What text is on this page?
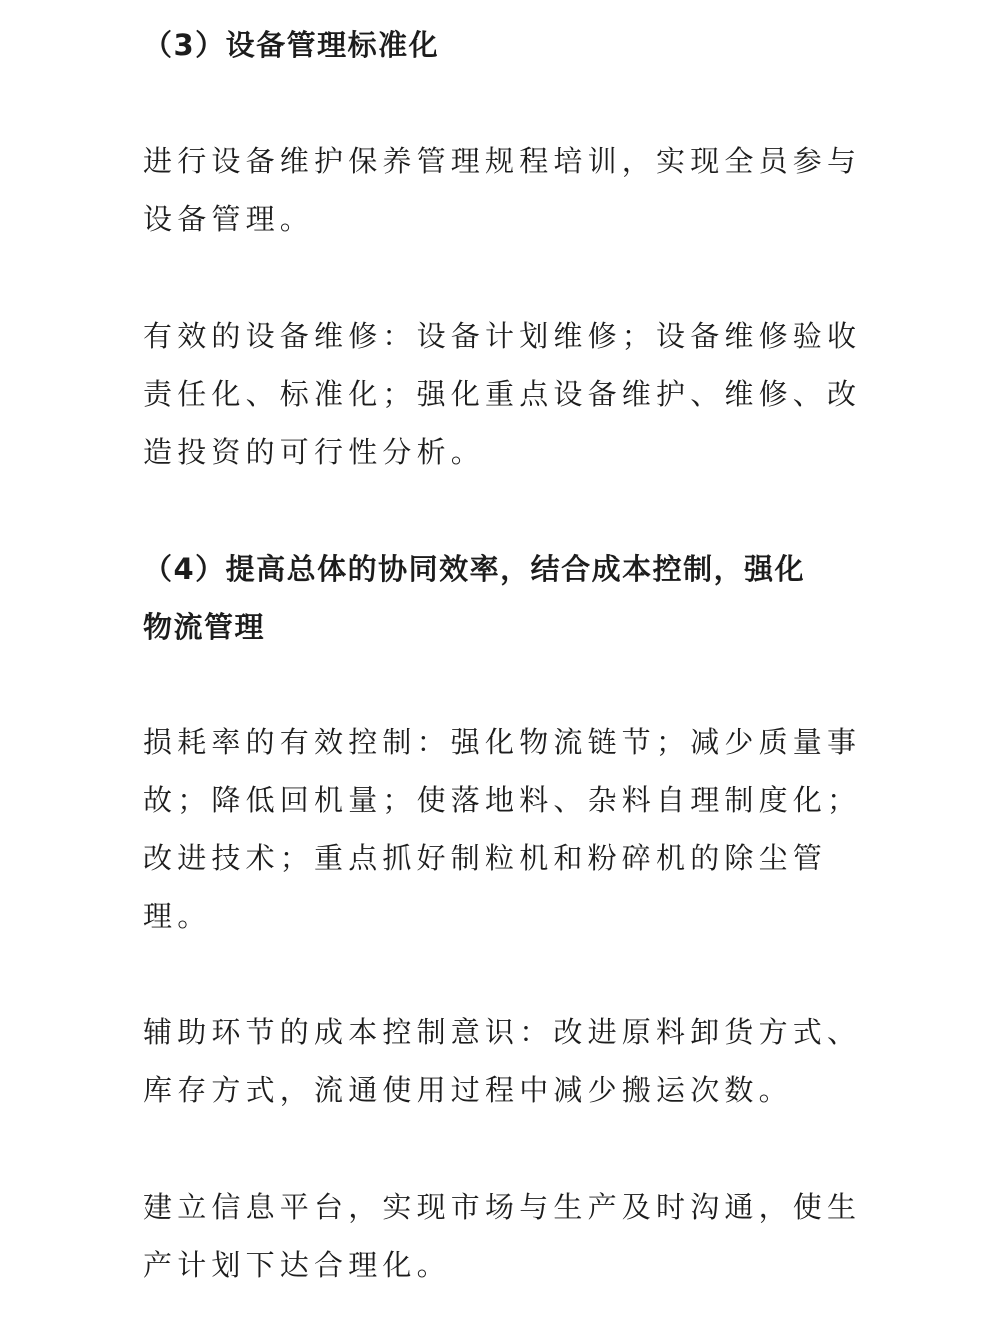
（3）设备管理标准化

进行设备维护保养管理规程培训，实现全员参与
设备管理。

有效的设备维修：设备计划维修；设备维修验收
责任化、标准化；强化重点设备维护、维修、改
造投资的可行性分析。

（4）提高总体的协同效率，结合成本控制，强化
物流管理

损耗率的有效控制：强化物流链节；减少质量事
故；降低回机量；使落地料、杂料自理制度化；
改进技术；重点抓好制粒机和粉碎机的除尘管
理。

辅助环节的成本控制意识：改进原料卸货方式、
库存方式，流通使用过程中减少搬运次数。

建立信息平台，实现市场与生产及时沟通，使生
产计划下达合理化。
